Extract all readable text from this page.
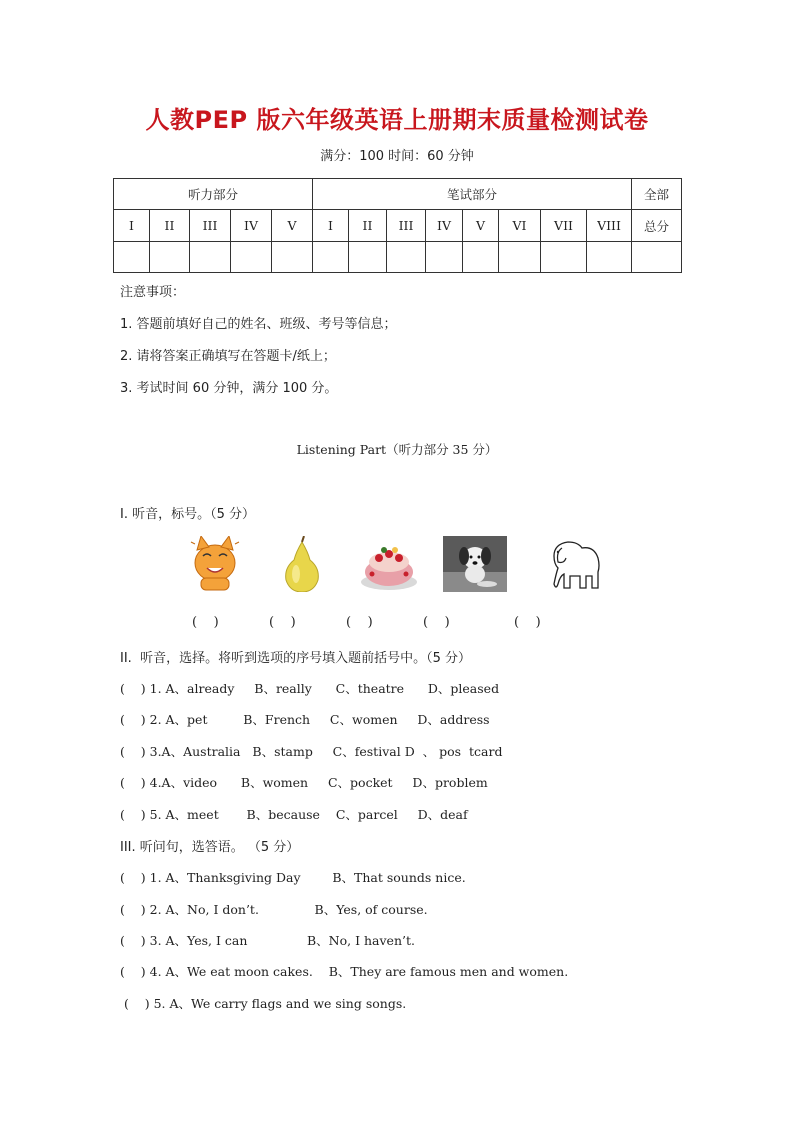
人教PEP 版六年级英语上册期末质量检测试卷
满分：100 时间：60 分钟
听力部分					笔试部分								全部
I	II	III	IV	V	I	II	III	IV	V	VI	VII	VIII	总分

注意事项：
1. 答题前填好自己的姓名、班级、考号等信息；
2. 请将答案正确填写在答题卡/纸上；
3. 考试时间 60 分钟，满分 100 分。
Listening Part（听力部分 35 分）
I. 听音，标号。（5 分）
(    )	(    )	(    )	(    )	(    )
II.  听音，选择。将听到选项的序号填入题前括号中。（5 分）
(    ) 1. A、already     B、really      C、theatre      D、pleased
(    ) 2. A、pet         B、French     C、women     D、address
(    ) 3.A、Australia   B、stamp     C、festival D  、 pos  tcard
(    ) 4.A、video      B、women     C、pocket     D、problem
(    ) 5. A、meet       B、because    C、parcel     D、deaf
III. 听问句，选答语。 （5 分）
(    ) 1. A、Thanksgiving Day        B、That sounds nice.
(    ) 2. A、No, I don’t.              B、Yes, of course.
(    ) 3. A、Yes, I can               B、No, I haven’t.
(    ) 4. A、We eat moon cakes.    B、They are famous men and women.
(    ) 5. A、We carry flags and we sing songs.
